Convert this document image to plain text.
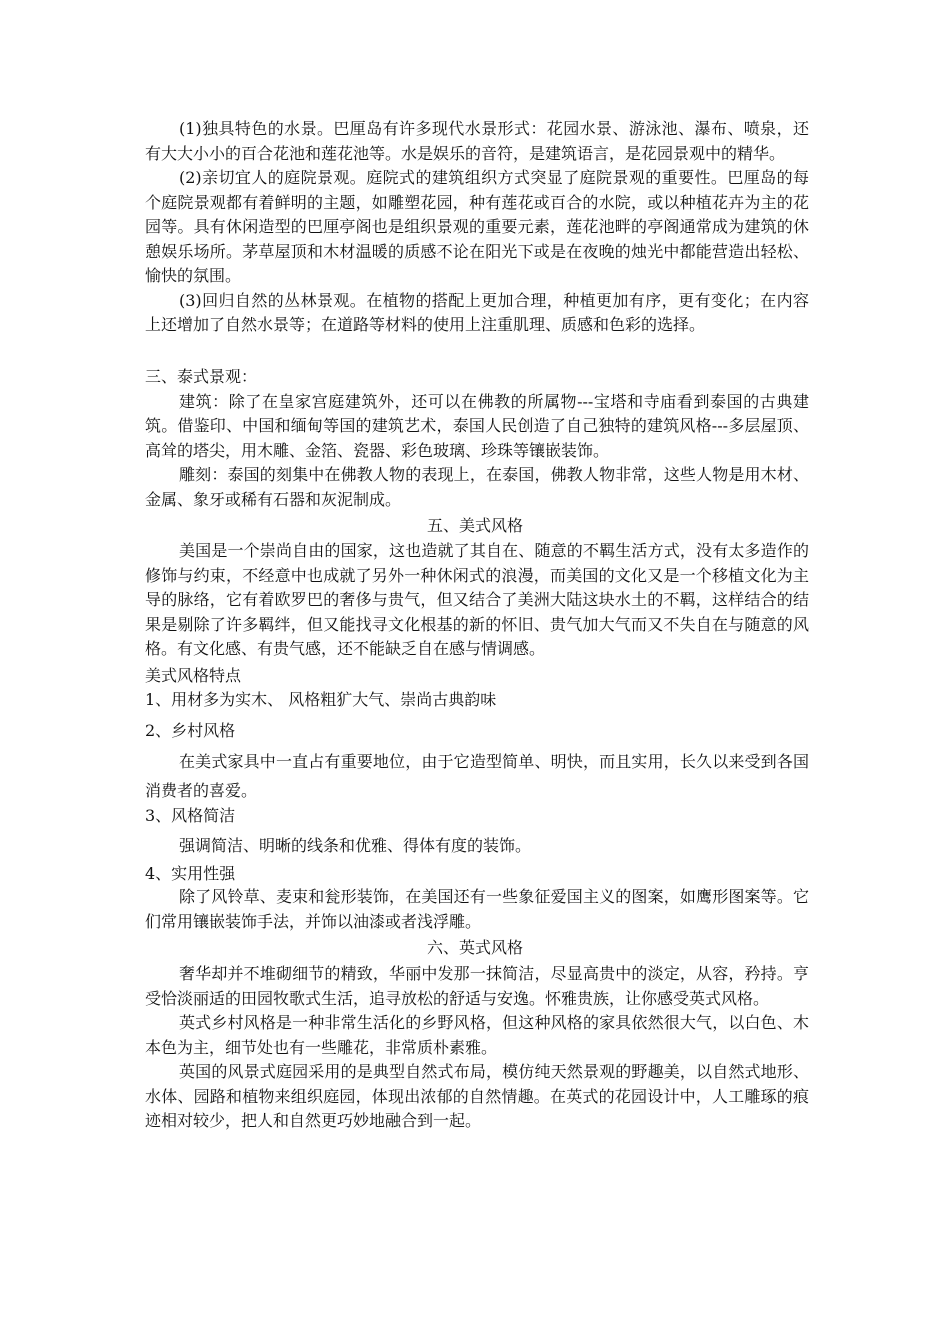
(1)独具特色的水景。巴厘岛有许多现代水景形式：花园水景、游泳池、瀑布、喷泉，还有大大小小的百合花池和莲花池等。水是娱乐的音符，是建筑语言，是花园景观中的精华。

(2)亲切宜人的庭院景观。庭院式的建筑组织方式突显了庭院景观的重要性。巴厘岛的每个庭院景观都有着鲜明的主题，如雕塑花园，种有莲花或百合的水院，或以种植花卉为主的花园等。具有休闲造型的巴厘亭阁也是组织景观的重要元素，莲花池畔的亭阁通常成为建筑的休憩娱乐场所。茅草屋顶和木材温暖的质感不论在阳光下或是在夜晚的烛光中都能营造出轻松、愉快的氛围。

(3)回归自然的丛林景观。在植物的搭配上更加合理，种植更加有序，更有变化；在内容上还增加了自然水景等；在道路等材料的使用上注重肌理、质感和色彩的选择。

三、泰式景观：

建筑：除了在皇家宫庭建筑外，还可以在佛教的所属物---宝塔和寺庙看到泰国的古典建筑。借鉴印、中国和缅甸等国的建筑艺术，泰国人民创造了自己独特的建筑风格---多层屋顶、高耸的塔尖，用木雕、金箔、瓷器、彩色玻璃、珍珠等镶嵌装饰。

雕刻：泰国的刻集中在佛教人物的表现上，在泰国，佛教人物非常，这些人物是用木材、金属、象牙或稀有石器和灰泥制成。

五、美式风格

美国是一个崇尚自由的国家，这也造就了其自在、随意的不羁生活方式，没有太多造作的修饰与约束，不经意中也成就了另外一种休闲式的浪漫，而美国的文化又是一个移植文化为主导的脉络，它有着欧罗巴的奢侈与贵气，但又结合了美洲大陆这块水土的不羁，这样结合的结果是剔除了许多羁绊，但又能找寻文化根基的新的怀旧、贵气加大气而又不失自在与随意的风格。有文化感、有贵气感，还不能缺乏自在感与情调感。

美式风格特点
1、用材多为实木、 风格粗犷大气、崇尚古典韵味
2、乡村风格

在美式家具中一直占有重要地位，由于它造型简单、明快，而且实用，长久以来受到各国消费者的喜爱。

3、风格简洁

强调简洁、明晰的线条和优雅、得体有度的装饰。

4、实用性强

除了风铃草、麦束和瓮形装饰，在美国还有一些象征爱国主义的图案，如鹰形图案等。它们常用镶嵌装饰手法，并饰以油漆或者浅浮雕。

六、英式风格

奢华却并不堆砌细节的精致，华丽中发那一抹简洁，尽显高贵中的淡定，从容，矜持。亨受恰淡丽适的田园牧歌式生活，追寻放松的舒适与安逸。怀雅贵族，让你感受英式风格。

英式乡村风格是一种非常生活化的乡野风格，但这种风格的家具依然很大气，以白色、木本色为主，细节处也有一些雕花，非常质朴素雅。

英国的风景式庭园采用的是典型自然式布局，模仿纯天然景观的野趣美，以自然式地形、水体、园路和植物来组织庭园，体现出浓郁的自然情趣。在英式的花园设计中，人工雕琢的痕迹相对较少，把人和自然更巧妙地融合到一起。
